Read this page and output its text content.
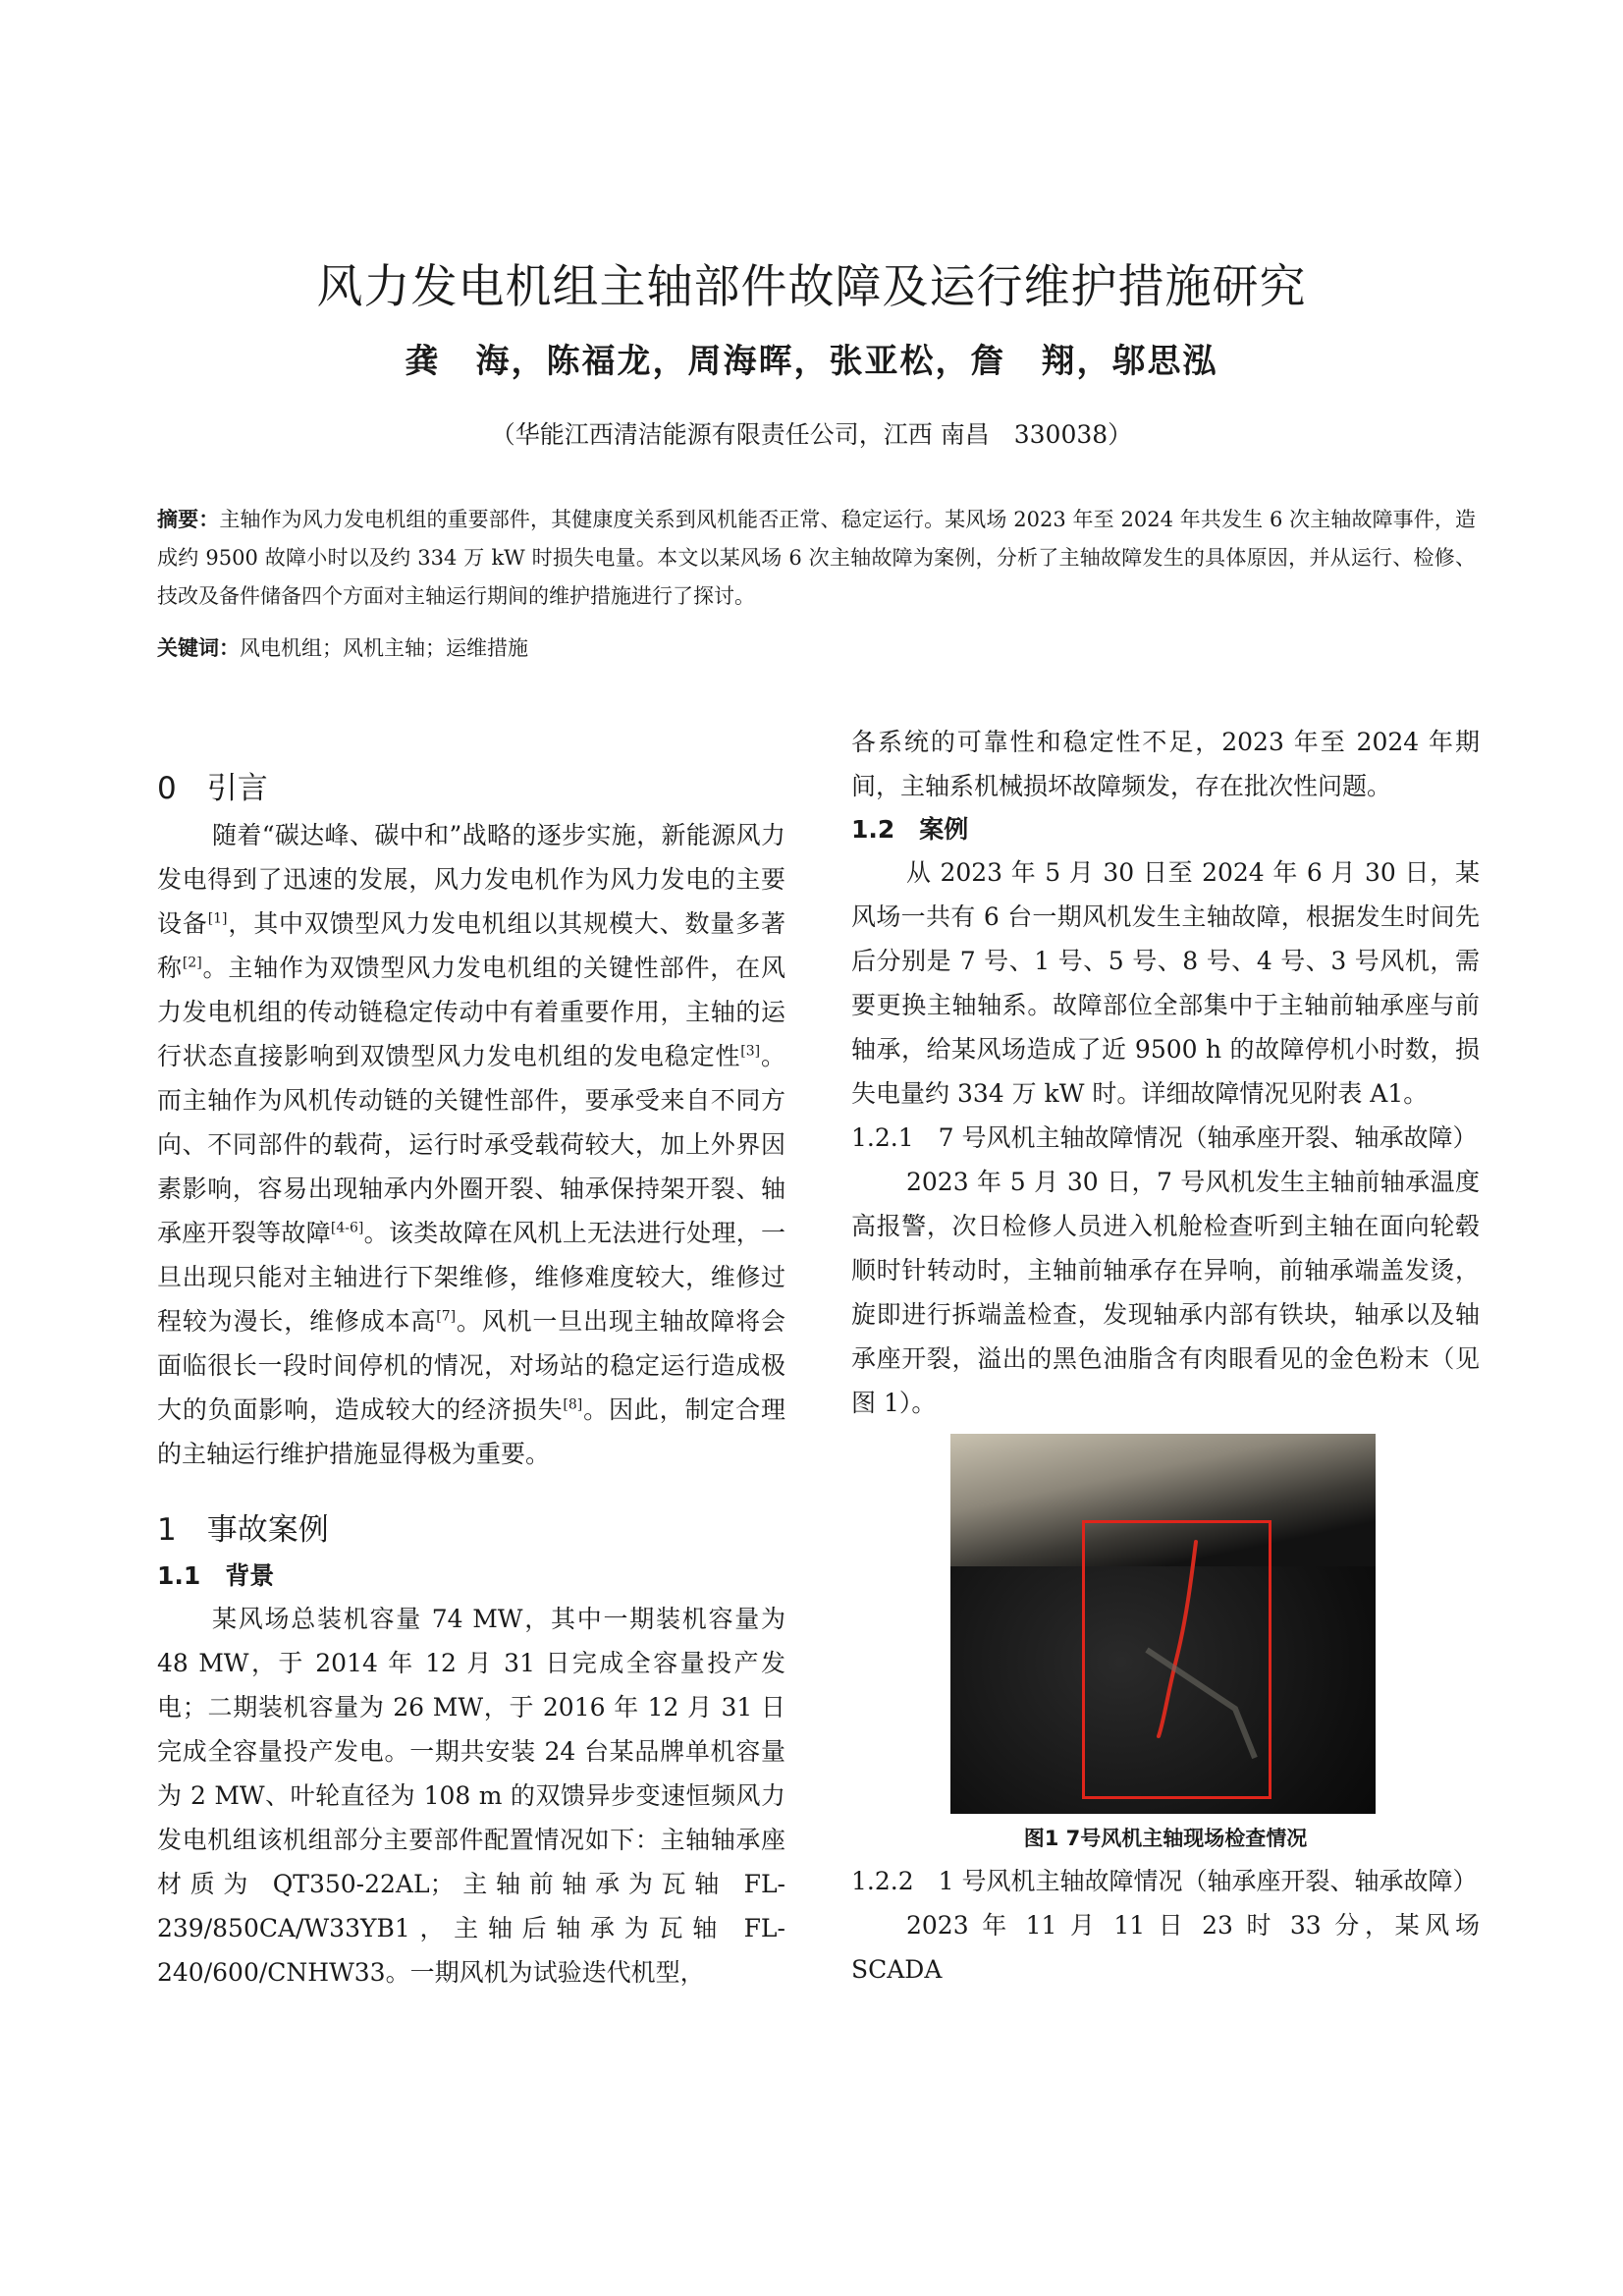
风力发电机组主轴部件故障及运行维护措施研究
龚　海，陈福龙，周海晖，张亚松，詹　翔，邬思泓
（华能江西清洁能源有限责任公司，江西 南昌　330038）
摘要：主轴作为风力发电机组的重要部件，其健康度关系到风机能否正常、稳定运行。某风场 2023 年至 2024 年共发生 6 次主轴故障事件，造成约 9500 故障小时以及约 334 万 kW 时损失电量。本文以某风场 6 次主轴故障为案例，分析了主轴故障发生的具体原因，并从运行、检修、技改及备件储备四个方面对主轴运行期间的维护措施进行了探讨。
关键词：风电机组；风机主轴；运维措施
0　引言

随着“碳达峰、碳中和”战略的逐步实施，新能源风力发电得到了迅速的发展，风力发电机作为风力发电的主要设备[1]，其中双馈型风力发电机组以其规模大、数量多著称[2]。主轴作为双馈型风力发电机组的关键性部件，在风力发电机组的传动链稳定传动中有着重要作用，主轴的运行状态直接影响到双馈型风力发电机组的发电稳定性[3]。而主轴作为风机传动链的关键性部件，要承受来自不同方向、不同部件的载荷，运行时承受载荷较大，加上外界因素影响，容易出现轴承内外圈开裂、轴承保持架开裂、轴承座开裂等故障[4-6]。该类故障在风机上无法进行处理，一旦出现只能对主轴进行下架维修，维修难度较大，维修过程较为漫长，维修成本高[7]。风机一旦出现主轴故障将会面临很长一段时间停机的情况，对场站的稳定运行造成极大的负面影响，造成较大的经济损失[8]。因此，制定合理的主轴运行维护措施显得极为重要。

1　事故案例
1.1　背景

某风场总装机容量 74 MW，其中一期装机容量为 48 MW，于 2014 年 12 月 31 日完成全容量投产发电；二期装机容量为 26 MW，于 2016 年 12 月 31 日完成全容量投产发电。一期共安装 24 台某品牌单机容量为 2 MW、叶轮直径为 108 m 的双馈异步变速恒频风力发电机组该机组部分主要部件配置情况如下：主轴轴承座材质为 QT350-22AL；主轴前轴承为瓦轴 FL-239/850CA/W33YB1，主轴后轴承为瓦轴 FL-240/600/CNHW33。一期风机为试验迭代机型，

各系统的可靠性和稳定性不足，2023 年至 2024 年期间，主轴系机械损坏故障频发，存在批次性问题。

1.2　案例

从 2023 年 5 月 30 日至 2024 年 6 月 30 日，某风场一共有 6 台一期风机发生主轴故障，根据发生时间先后分别是 7 号、1 号、5 号、8 号、4 号、3 号风机，需要更换主轴轴系。故障部位全部集中于主轴前轴承座与前轴承，给某风场造成了近 9500 h 的故障停机小时数，损失电量约 334 万 kW 时。详细故障情况见附表 A1。

1.2.1　7 号风机主轴故障情况（轴承座开裂、轴承故障）

2023 年 5 月 30 日，7 号风机发生主轴前轴承温度高报警，次日检修人员进入机舱检查听到主轴在面向轮毂顺时针转动时，主轴前轴承存在异响，前轴承端盖发烫，旋即进行拆端盖检查，发现轴承内部有铁块，轴承以及轴承座开裂，溢出的黑色油脂含有肉眼看见的金色粉末（见图 1）。

图1 7号风机主轴现场检查情况
1.2.2　1 号风机主轴故障情况（轴承座开裂、轴承故障）

2023 年 11 月 11 日 23 时 33 分，某风场 SCADA
